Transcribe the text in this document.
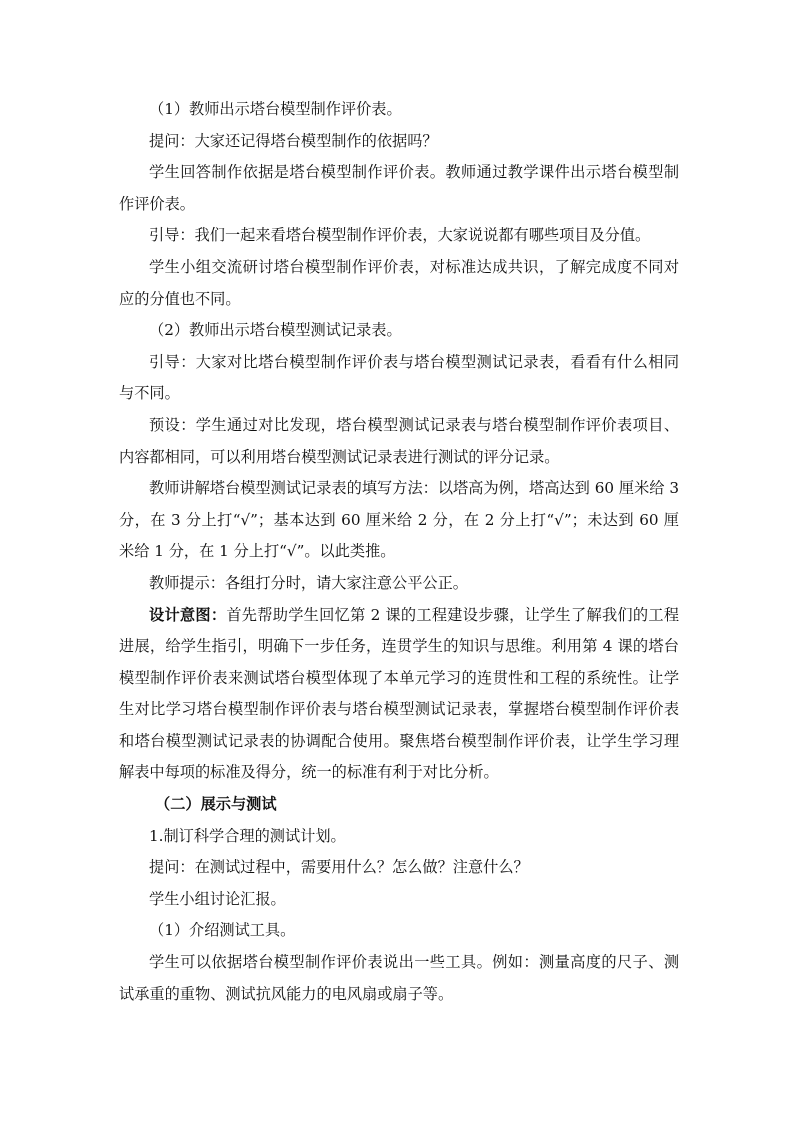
（1）教师出示塔台模型制作评价表。

提问：大家还记得塔台模型制作的依据吗？

学生回答制作依据是塔台模型制作评价表。教师通过教学课件出示塔台模型制作评价表。

引导：我们一起来看塔台模型制作评价表，大家说说都有哪些项目及分值。

学生小组交流研讨塔台模型制作评价表，对标准达成共识，了解完成度不同对应的分值也不同。

（2）教师出示塔台模型测试记录表。

引导：大家对比塔台模型制作评价表与塔台模型测试记录表，看看有什么相同与不同。

预设：学生通过对比发现，塔台模型测试记录表与塔台模型制作评价表项目、内容都相同，可以利用塔台模型测试记录表进行测试的评分记录。

教师讲解塔台模型测试记录表的填写方法：以塔高为例，塔高达到 60 厘米给 3 分，在 3 分上打“√”；基本达到 60 厘米给 2 分，在 2 分上打“√”；未达到 60 厘米给 1 分，在 1 分上打“√”。以此类推。

教师提示：各组打分时，请大家注意公平公正。

设计意图：首先帮助学生回忆第 2 课的工程建设步骤，让学生了解我们的工程进展，给学生指引，明确下一步任务，连贯学生的知识与思维。利用第 4 课的塔台模型制作评价表来测试塔台模型体现了本单元学习的连贯性和工程的系统性。让学生对比学习塔台模型制作评价表与塔台模型测试记录表，掌握塔台模型制作评价表和塔台模型测试记录表的协调配合使用。聚焦塔台模型制作评价表，让学生学习理解表中每项的标准及得分，统一的标准有利于对比分析。

（二）展示与测试

1.制订科学合理的测试计划。

提问：在测试过程中，需要用什么？怎么做？注意什么？

学生小组讨论汇报。

（1）介绍测试工具。

学生可以依据塔台模型制作评价表说出一些工具。例如：测量高度的尺子、测试承重的重物、测试抗风能力的电风扇或扇子等。
